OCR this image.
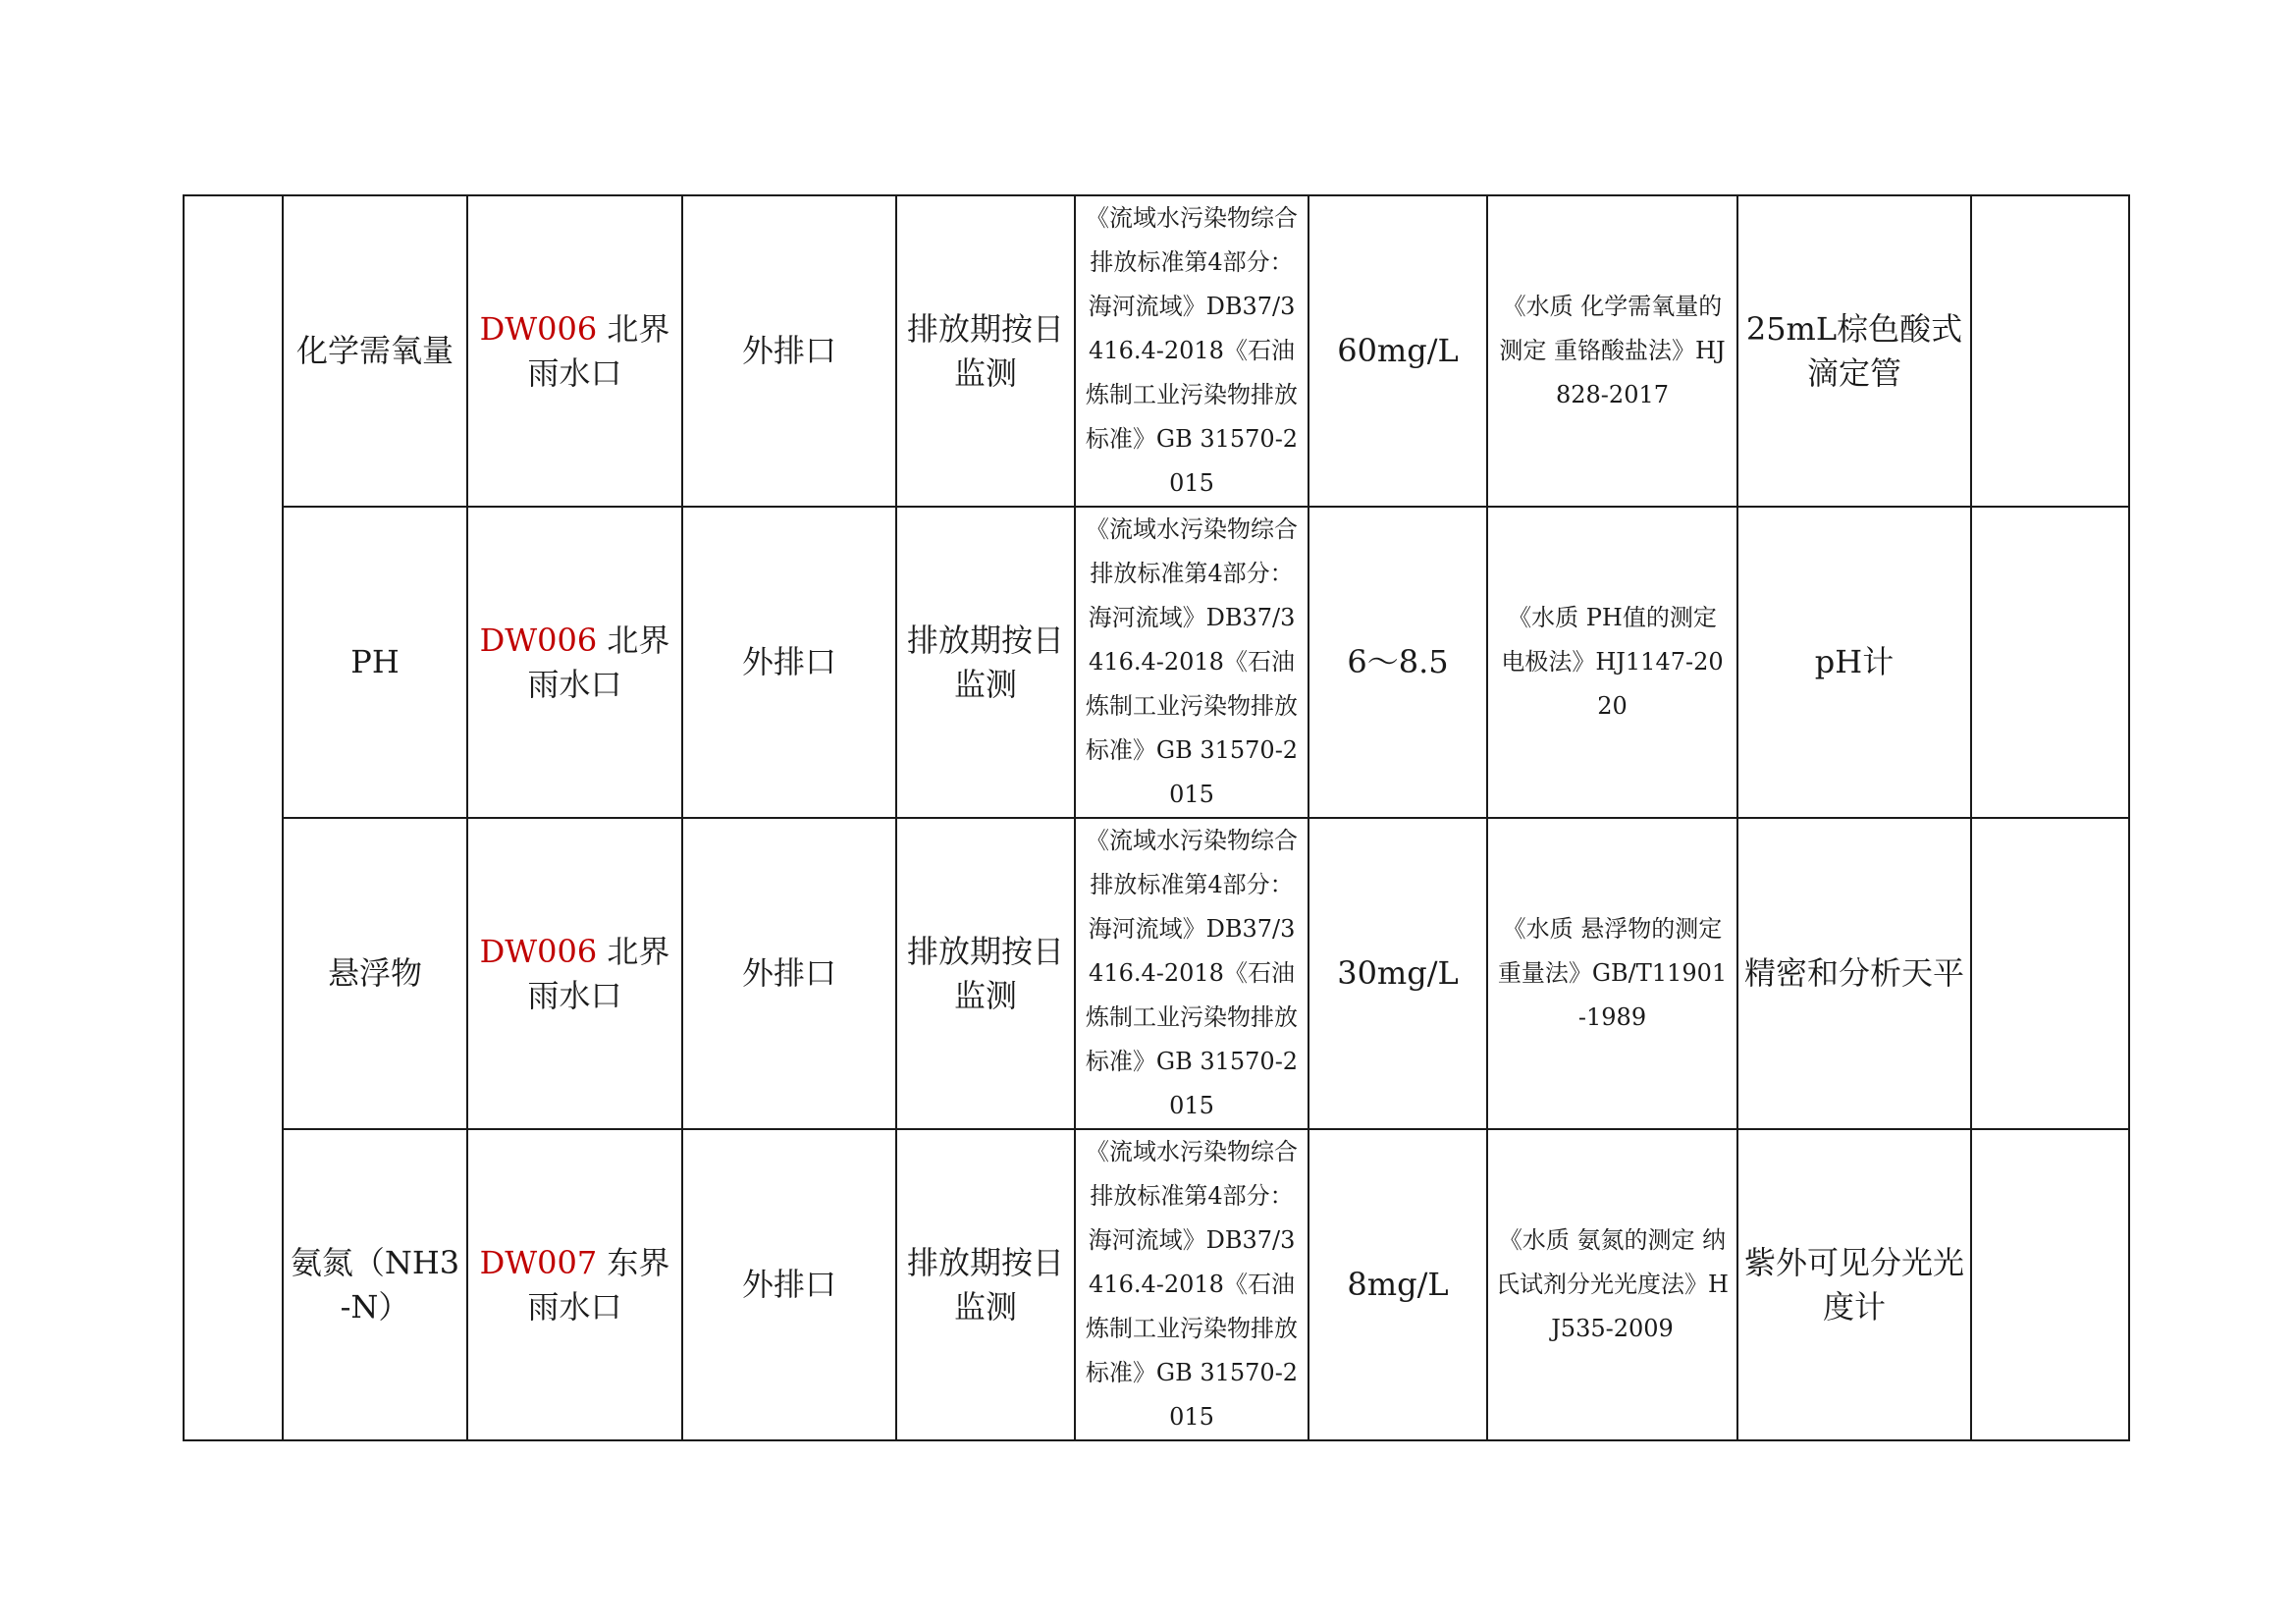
	化学需氧量	DW006 北界雨水口	外排口	排放期按日监测	《流域水污染物综合排放标准第4部分：海河流域》DB37/3416.4-2018《石油炼制工业污染物排放标准》GB 31570-2015	60mg/L	《水质 化学需氧量的测定 重铬酸盐法》HJ828-2017	25mL棕色酸式滴定管	
	PH	DW006 北界雨水口	外排口	排放期按日监测	《流域水污染物综合排放标准第4部分：海河流域》DB37/3416.4-2018《石油炼制工业污染物排放标准》GB 31570-2015	6～8.5	《水质 PH值的测定 电极法》HJ1147-2020	pH计	
	悬浮物	DW006 北界雨水口	外排口	排放期按日监测	《流域水污染物综合排放标准第4部分：海河流域》DB37/3416.4-2018《石油炼制工业污染物排放标准》GB 31570-2015	30mg/L	《水质 悬浮物的测定 重量法》GB/T11901-1989	精密和分析天平	
	氨氮（NH3-N）	DW007 东界雨水口	外排口	排放期按日监测	《流域水污染物综合排放标准第4部分：海河流域》DB37/3416.4-2018《石油炼制工业污染物排放标准》GB 31570-2015	8mg/L	《水质 氨氮的测定 纳氏试剂分光光度法》HJ535-2009	紫外可见分光光度计	
